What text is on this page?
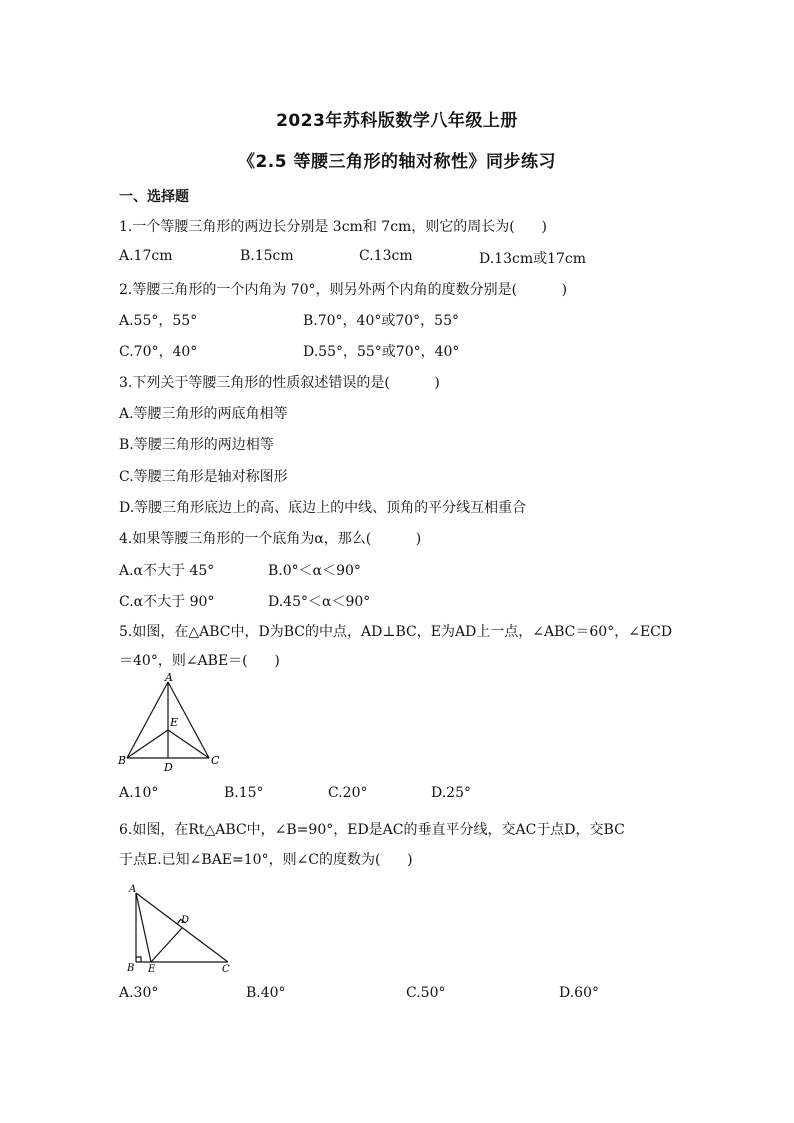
2023年苏科版数学八年级上册
《2.5 等腰三角形的轴对称性》同步练习
一、选择题
1.一个等腰三角形的两边长分别是 3cm和 7cm，则它的周长为(      )
A.17cm	B.15cm	C.13cm	D.13cm或17cm
2.等腰三角形的一个内角为 70°，则另外两个内角的度数分别是(          )
A.55°，55°	B.70°，40°或70°，55°
C.70°，40°	D.55°，55°或70°，40°
3.下列关于等腰三角形的性质叙述错误的是(          )
A.等腰三角形的两底角相等
B.等腰三角形的两边相等
C.等腰三角形是轴对称图形
D.等腰三角形底边上的高、底边上的中线、顶角的平分线互相重合
4.如果等腰三角形的一个底角为α，那么(          )
A.α不大于 45°	B.0°＜α＜90°
C.α不大于 90°	D.45°＜α＜90°
5.如图，在△ABC中，D为BC的中点，AD⊥BC，E为AD上一点，∠ABC＝60°，∠ECD
＝40°，则∠ABE＝(      )
A
B	C
D
E
A.10°	B.15°	C.20°	D.25°
6.如图，在Rt△ABC中，∠B=90°，ED是AC的垂直平分线，交AC于点D，交BC
于点E.已知∠BAE=10°，则∠C的度数为(      )
A
B E	C
D
A.30°	B.40°	C.50°	D.60°
